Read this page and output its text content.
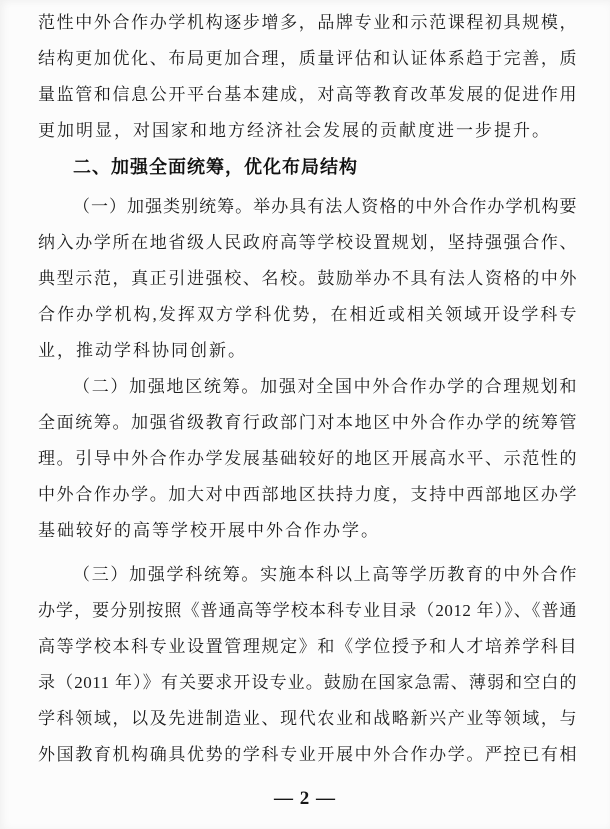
范性中外合作办学机构逐步增多，品牌专业和示范课程初具规模，
结构更加优化、布局更加合理，质量评估和认证体系趋于完善，质
量监管和信息公开平台基本建成，对高等教育改革发展的促进作用
更加明显，对国家和地方经济社会发展的贡献度进一步提升。
二、加强全面统筹，优化布局结构
（一）加强类别统筹。举办具有法人资格的中外合作办学机构要
纳入办学所在地省级人民政府高等学校设置规划，坚持强强合作、
典型示范，真正引进强校、名校。鼓励举办不具有法人资格的中外
合作办学机构,发挥双方学科优势，在相近或相关领域开设学科专
业，推动学科协同创新。
（二）加强地区统筹。加强对全国中外合作办学的合理规划和
全面统筹。加强省级教育行政部门对本地区中外合作办学的统筹管
理。引导中外合作办学发展基础较好的地区开展高水平、示范性的
中外合作办学。加大对中西部地区扶持力度，支持中西部地区办学
基础较好的高等学校开展中外合作办学。
（三）加强学科统筹。实施本科以上高等学历教育的中外合作
办学，要分别按照《普通高等学校本科专业目录（2012 年）》、《普通
高等学校本科专业设置管理规定》和《学位授予和人才培养学科目
录（2011 年）》有关要求开设专业。鼓励在国家急需、薄弱和空白的
学科领域，以及先进制造业、现代农业和战略新兴产业等领域，与
外国教育机构确具优势的学科专业开展中外合作办学。严控已有相
— 2 —
